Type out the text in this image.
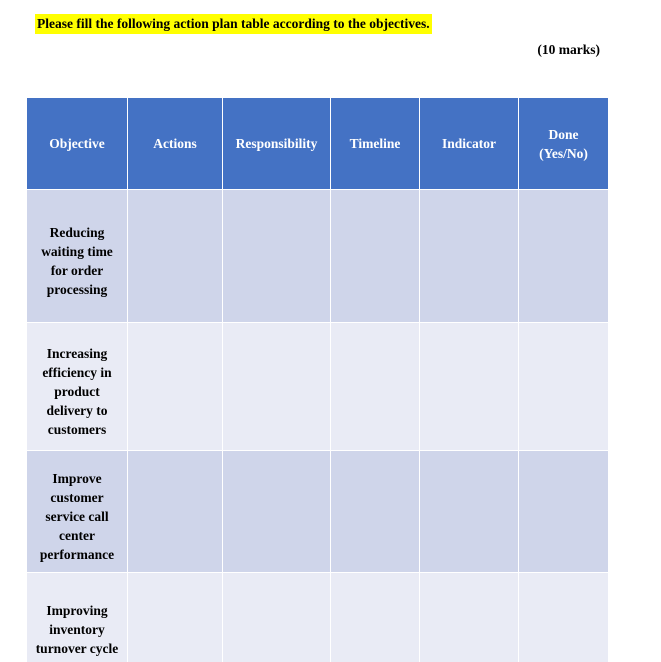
Please fill the following action plan table according to the objectives.
(10 marks)
Objective	Actions	Responsibility	Timeline	Indicator	Done (Yes/No)
Reducing waiting time for order processing					
Increasing efficiency in product delivery to customers					
Improve customer service call center performance					
Improving inventory turnover cycle					
